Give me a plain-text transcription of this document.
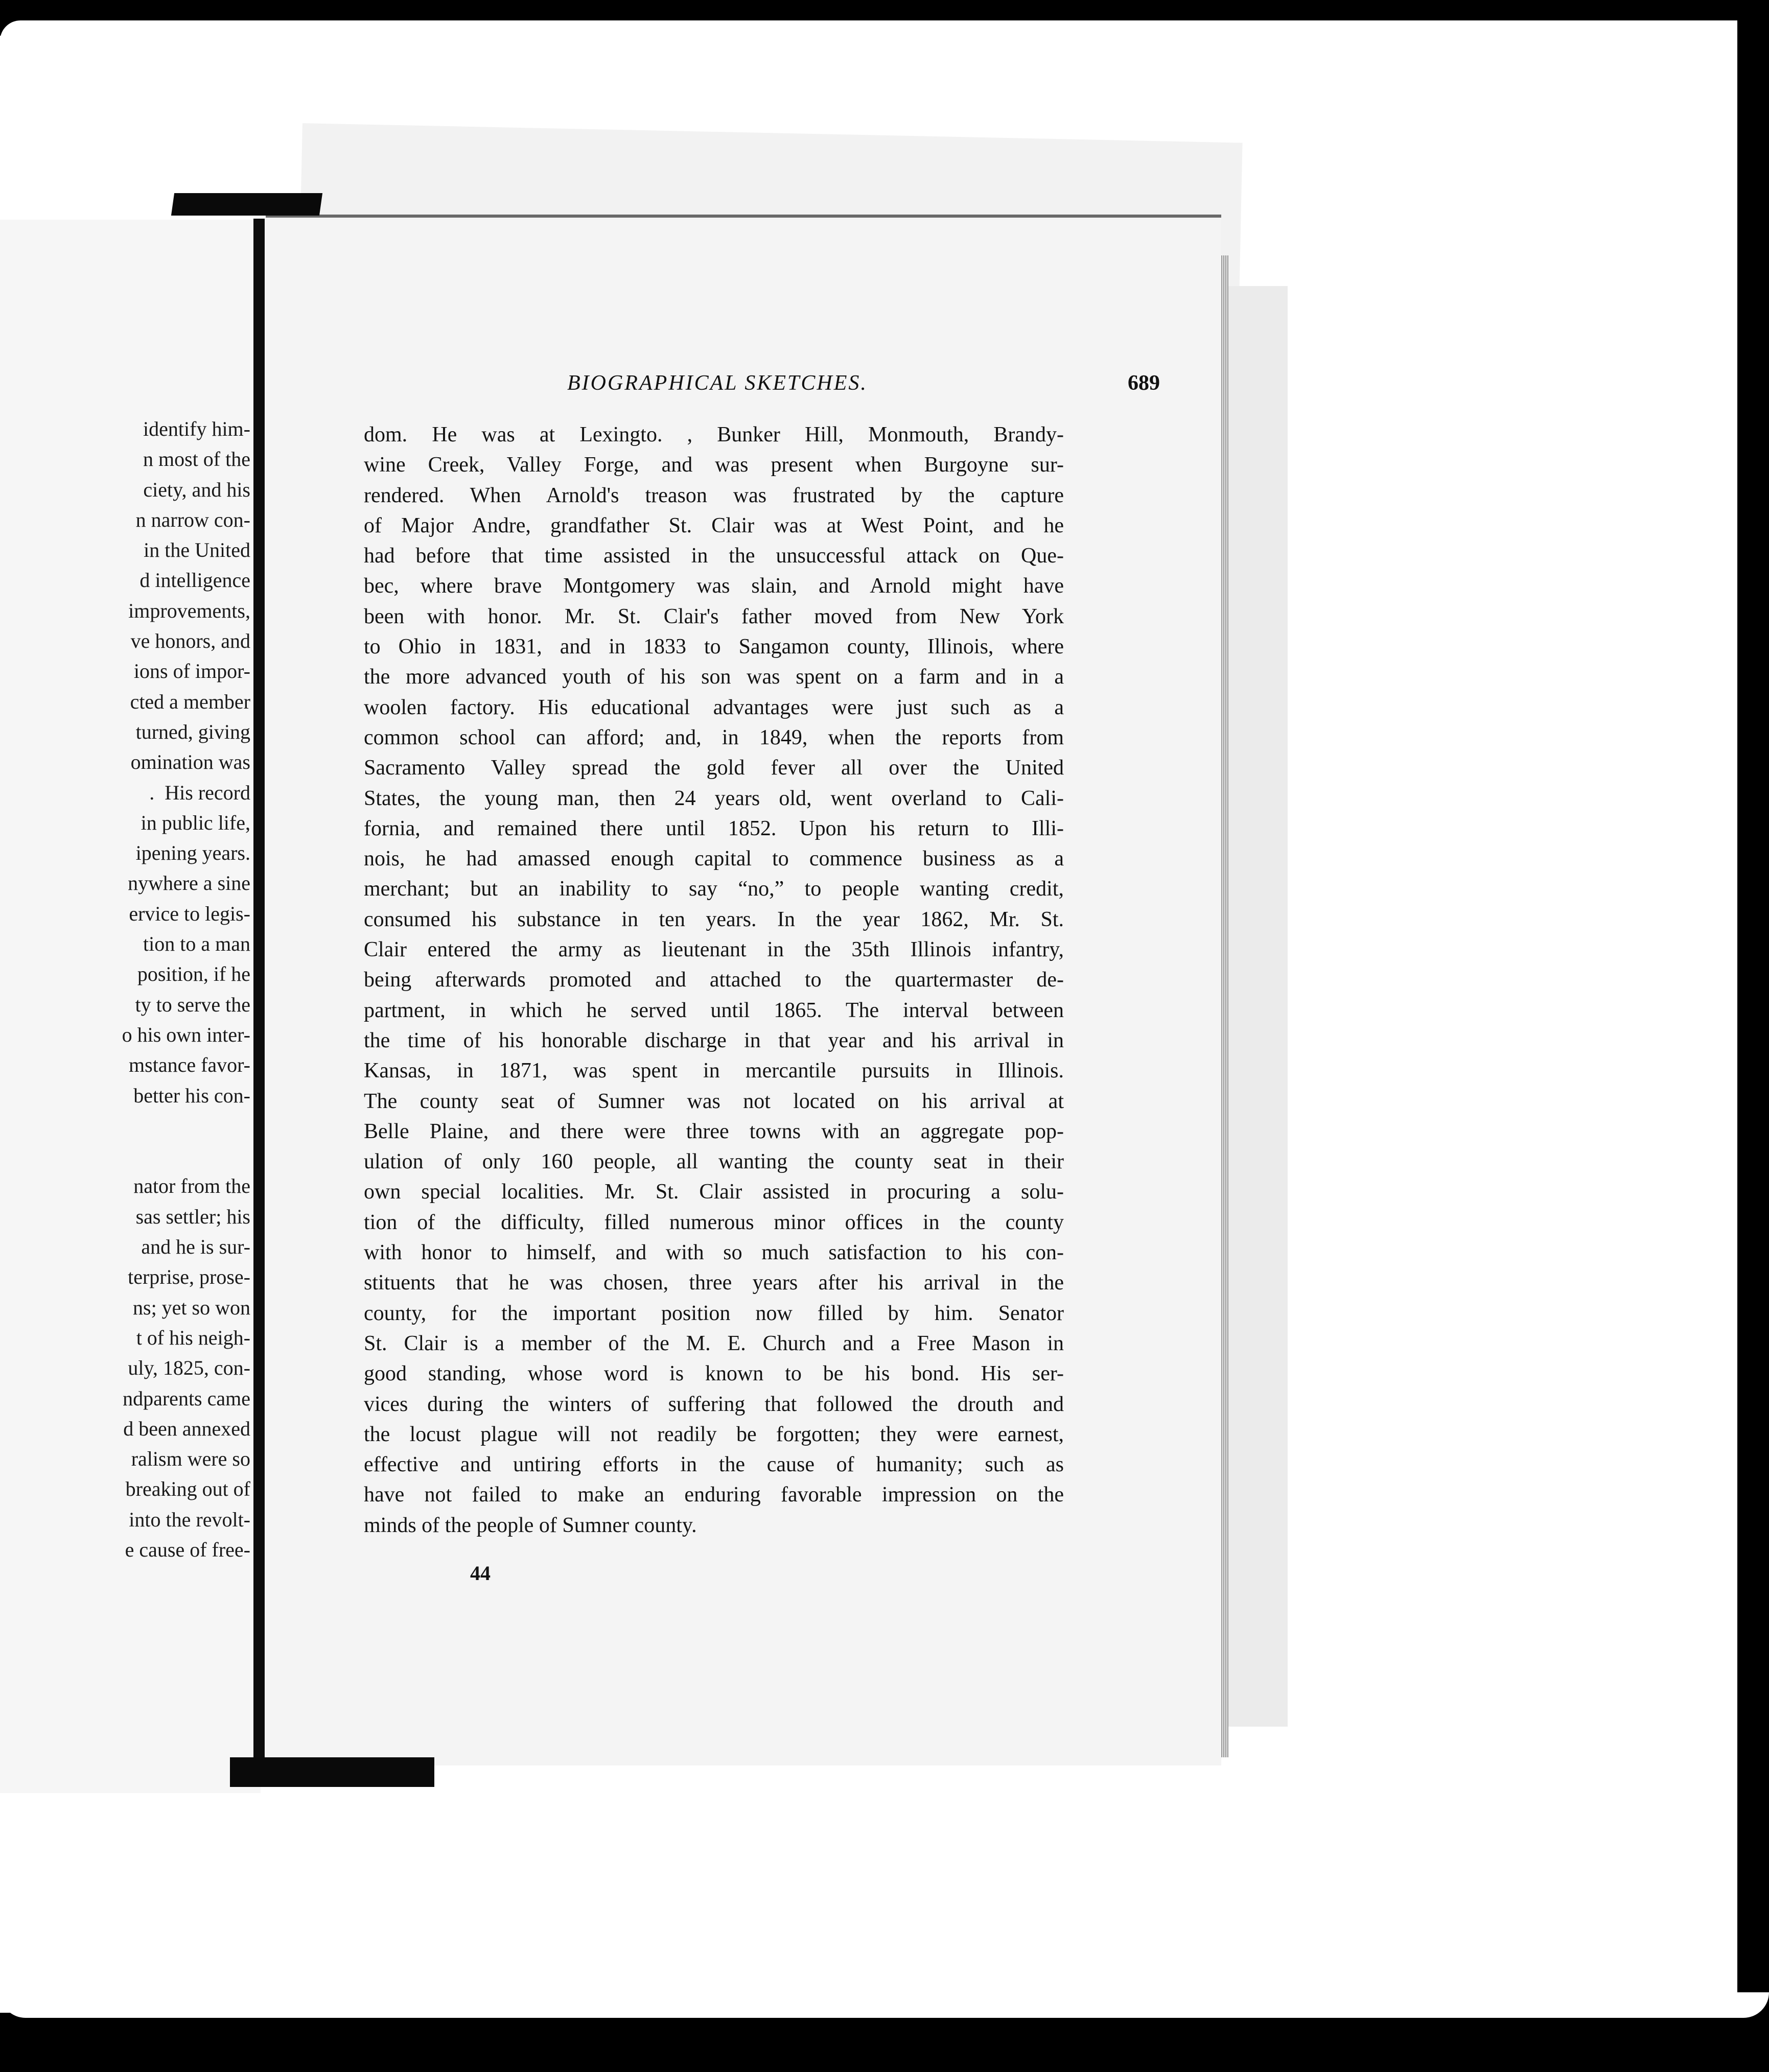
identify him-
n most of the
ciety, and his
n narrow con-
in the United
d intelligence
improvements,
ve honors, and
ions of impor-
cted a member
turned, giving
omination was
.  His record
in public life,
ipening years.
nywhere a sine
ervice to legis-
tion to a man
position, if he
ty to serve the
o his own inter-
mstance favor-
better his con-
nator from the
sas settler; his
and he is sur-
terprise, prose-
ns; yet so won
t of his neigh-
uly, 1825, con-
ndparents came
d been annexed
ralism were so
breaking out of
into the revolt-
e cause of free-
BIOGRAPHICAL SKETCHES.	689
dom. He was at Lexingto. , Bunker Hill, Monmouth, Brandy-
wine Creek, Valley Forge, and was present when Burgoyne sur-
rendered. When Arnold's treason was frustrated by the capture
of Major Andre, grandfather St. Clair was at West Point, and he
had before that time assisted in the unsuccessful attack on Que-
bec, where brave Montgomery was slain, and Arnold might have
been with honor. Mr. St. Clair's father moved from New York
to Ohio in 1831, and in 1833 to Sangamon county, Illinois, where
the more advanced youth of his son was spent on a farm and in a
woolen factory. His educational advantages were just such as a
common school can afford; and, in 1849, when the reports from
Sacramento Valley spread the gold fever all over the United
States, the young man, then 24 years old, went overland to Cali-
fornia, and remained there until 1852. Upon his return to Illi-
nois, he had amassed enough capital to commence business as a
merchant; but an inability to say “no,” to people wanting credit,
consumed his substance in ten years. In the year 1862, Mr. St.
Clair entered the army as lieutenant in the 35th Illinois infantry,
being afterwards promoted and attached to the quartermaster de-
partment, in which he served until 1865. The interval between
the time of his honorable discharge in that year and his arrival in
Kansas, in 1871, was spent in mercantile pursuits in Illinois.
The county seat of Sumner was not located on his arrival at
Belle Plaine, and there were three towns with an aggregate pop-
ulation of only 160 people, all wanting the county seat in their
own special localities. Mr. St. Clair assisted in procuring a solu-
tion of the difficulty, filled numerous minor offices in the county
with honor to himself, and with so much satisfaction to his con-
stituents that he was chosen, three years after his arrival in the
county, for the important position now filled by him. Senator
St. Clair is a member of the M. E. Church and a Free Mason in
good standing, whose word is known to be his bond. His ser-
vices during the winters of suffering that followed the drouth and
the locust plague will not readily be forgotten; they were earnest,
effective and untiring efforts in the cause of humanity; such as
have not failed to make an enduring favorable impression on the
minds of the people of Sumner county.
44
